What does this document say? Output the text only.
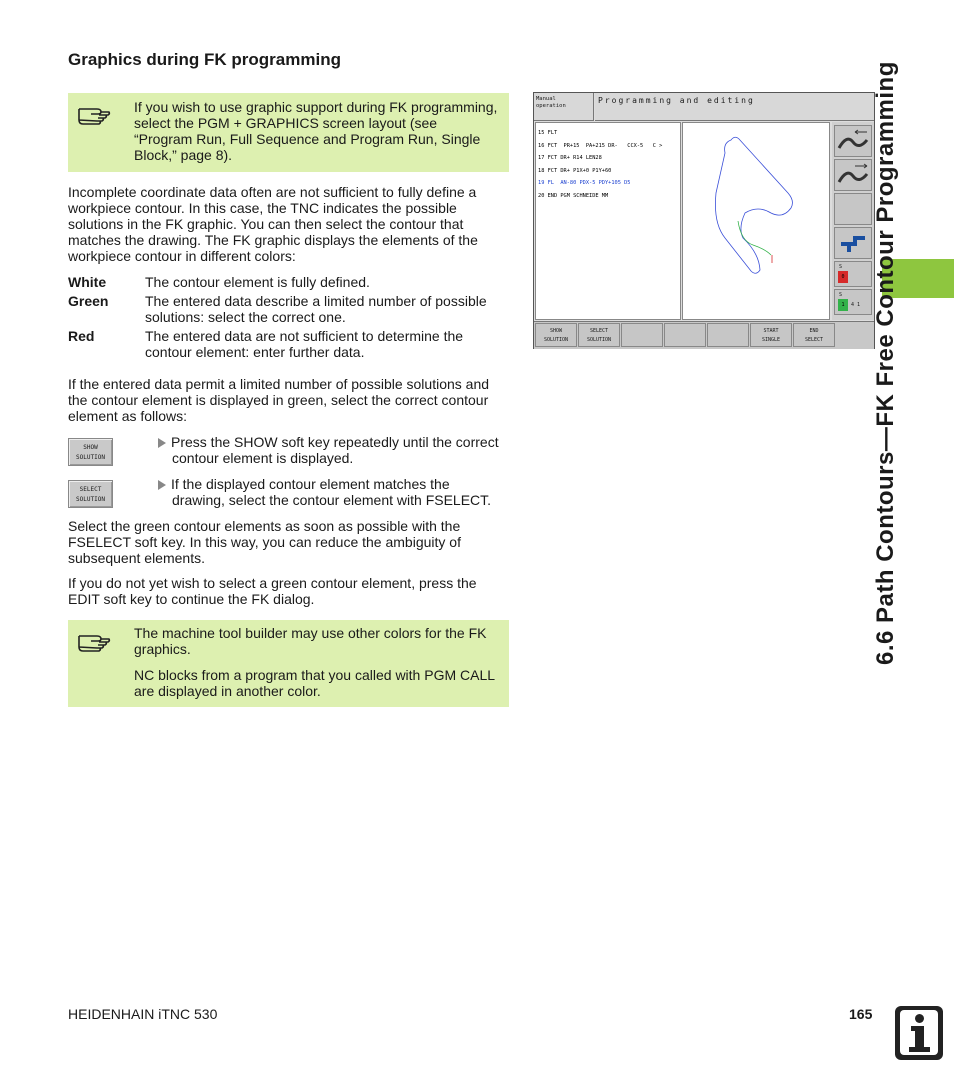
Graphics during FK programming
If you wish to use graphic support during FK programming, select the PGM + GRAPHICS screen layout (see “Program Run, Full Sequence and Program Run, Single Block,” page 8).
Incomplete coordinate data often are not sufficient to fully define a workpiece contour. In this case, the TNC indicates the possible solutions in the FK graphic. You can then select the contour that matches the drawing. The FK graphic displays the elements of the workpiece contour in different colors:
White	The contour element is fully defined.
Green	The entered data describe a limited number of possible solutions: select the correct one.
Red	The entered data are not sufficient to determine the contour element: enter further data.
If the entered data permit a limited number of possible solutions and the contour element is displayed in green, select the correct contour element as follows:
SHOW
SOLUTION
Press the SHOW soft key repeatedly until the correct
contour element is displayed.
SELECT
SOLUTION
If the displayed contour element matches the
drawing, select the contour element with FSELECT.
Select the green contour elements as soon as possible with the FSELECT soft key. In this way, you can reduce the ambiguity of subsequent elements.
If you do not yet wish to select a green contour element, press the EDIT soft key to continue the FK dialog.
The machine tool builder may use other colors for the FK graphics.
NC blocks from a program that you called with PGM CALL are displayed in another color.
Manual
operation
Programming and editing
15 FLT
16 FCT  PR+15  PA+215 DR-   CCX-5   C >
17 FCT DR+ R14 LEN28
18 FCT DR+ P1X+0 P1Y+60
19 FL  AN-80 PDX-5 PDY+105 D5
20 END PGM SCHNEIDE MM
S
0
S
1	4 1
SHOW
SOLUTION
SELECT
SOLUTION
START
SINGLE
END
SELECT	6.6 Path Contours—FK Free Contour Programming
HEIDENHAIN iTNC 530	165
